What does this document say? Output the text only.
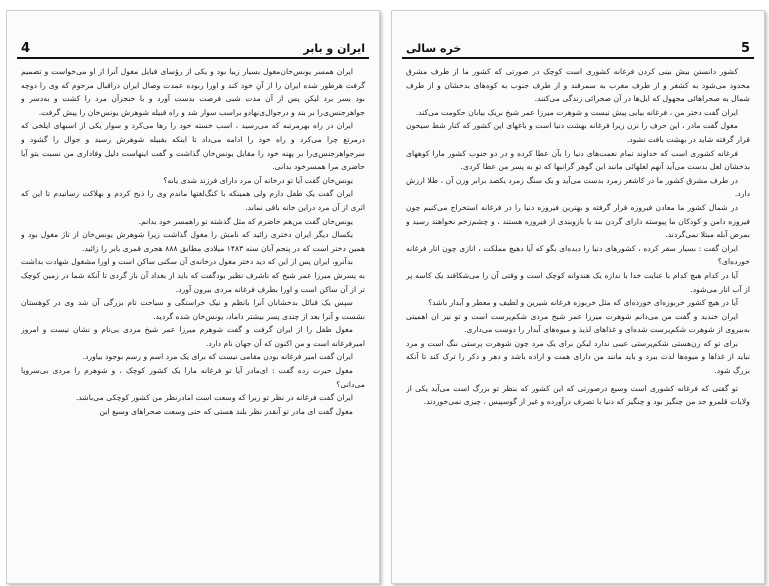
4	ایران و بابر

ایران همسر یونس‌خان‌مغول بسیار زیبا بود و یکی از رؤسای قبایل مغول آنرا از او می‌خواست و تصمیم گرفت هرطور شده ایران را از آنِ خود کند و اورا ربوده عمدت وصال ایران دراقبال مرحوم که وی را دوچه بود بسر برد لیکن پس از آن مدت شبی فرصت بدست آورد و با خنجرآن مرد را کشت و به‌دسر و جواهرجنس‌ی‌را بر بند و درجوال‌ی‌نهادو براسب سوار شد و راه قبیله شوهرش یونس‌خان را پیش گرفت.

ایران در راه بهرمرتبه که می‌رسید ، اسب خسته خود را رها می‌کرد و سوار یکی از اسبهای ایلخی که درمرتع چرا می‌کرد و راه خود را ادامه می‌داد تا اینکه بقبیله شوهرش رسید و جوال را گشود و سرجواهرجنس‌ی‌را بر پهنه خود را مقابل یونس‌خان گذاشت و گفت اینهاست دلیل وفاداری من نسبت بتو آیا حاضری مرا همسرخود بدانی.

یونس‌خان گفت آیا تو درخانه آن مرد دارای فرزند شدی یانه؟

ایران گفت یک طفل دارم ولی همینکه با کنگ‌لغتها ماندم وی را ذبح کردم و بهلاکت رسانیدم تا این که اثری از آن مرد دراین خانه باقی نماند.

یونس‌خان گفت من‌هم حاضرم که مثل گذشته تو راهمسر خود بدانم.

یکسال دیگر ایران دختری زائید که نامش را مغول گذاشت زیرا شوهرش یونس‌خان از تاژ مغول بود و همین دختر است که در پنجم آبان سنه ۱۴۸۳ میلادی مطابق ۸۸۸ هجری قمری بابر را زائید.

بدآنرو، ایران پس از این که دید دختر مغول درخانه‌ی آن سکنی ساکن است و اورا مشغول شهادت بداشت به پسرش میرزا عمر شیخ که ناشرف نظیر بودگفت که باید از بغداد آن باز گردی تا آنکه شما در زمین کوچک تر از آن ساکن است و اورا بطرف فرغانه مردی بیرون آورد.

سپس یک قبائل بدخشانان آنرا بانظم و نیک خراستگی و سیاحت تام بزرگی آن شد وی در کوهستان نشست و آنرا بعد از چندی پسر بیشتر داماد، یونس‌خان شده گردید.

مغول طفل را از ایران گرفت و گفت شوهرم میرزا عمر شیخ مردی بی‌نام و نشان نیست و امروز امیرفرغانه است و من اکنون که آن جهان نام دارد.

ایران گفت امیر فرغانه بودن مقامی نیست که برای یک مرد اسم و رسم بوجود بیاورد.

مغول حیرت زده گفت : ای‌مادر آیا تو فرغانه مارا یک کشور کوچک ، و شوهرم را مردی بی‌سروپا می‌دانی؟

ایران گفت فرغانه در نظر تو زیرا که وسعت است امادرنظر من کشور کوچکی می‌باشد.

مغول گفت ای مادر تو آنقدر نظر بلند هستی که حتی وسعت صحراهای وسیع این

خره سالی	5

کشور دانستن بیش بینی کردن فرغانه کشوری است کوچک در صورتی که کشور ما از طرف مشرق محدود می‌شود به کشغر و از طرف مغرب به سمرقند و از طرف جنوب به کوه‌های بدخشان و از طرف شمال به صحراهائی مجهول که ایل‌ها در آن صحرائی زندگی می‌کنند.

ایران گفت دختر من ، فرغانه بیایی پیش نیست و شوهرت میرزا عمر شیخ بریک بیابان حکومت می‌کند.

مغول گفت مادر ، این حرف را نزن زیرا فرغانه بهشت دنیا است و باغهای این کشور که کنار شط سیحون قرار گرفته شاید در بهشت یافت نشود.

فرغانه کشوری است که خداوند تمام نعمت‌های دنیا را بآن عطا کرده و در دو جنوب کشور مارا کوههای بدخشان لعل بدست می‌آید آنهم لعلهائی مانند این گوهر گرانبها که تو به پسر من عطا کردی.

در طرف مشرق کشور ما در کاشغر زمرد بدست می‌آید و یک سنگ زمرد یکصد برابر وزن آن ، طلا ارزش دارد.

در شمال کشور ما معادن فیروزه قرار گرفته و بهترین فیروزه دنیا را در فرغانه استخراج می‌کنیم چون فیروزه دامن و کودکان ما پیوسته دارای گردن بند یا بازوبندی از فیروزه هستند ، و چشم‌زخم نخواهند رسید و بمرض آبله مبتلا نمی‌گردند.

ایران گفت : بسیار سفر کرده ، کشورهای دنیا را دیده‌ای بگو که آیا دهیچ مملکت ، انازی چون انار فرغانه خورده‌ای؟

آیا در کدام هیچ کدام با عنایت خدا با ندازه یک هندوانه کوچک است و وقتی آن را می‌شکافند یک کاسه پر از آب انار می‌شود.

آیا در هیچ کشور خربوزه‌ای خورده‌ای که مثل خربوزه فرغانه شیرین و لطیف و معطر و آبدار باشد؟

ایران خندید و گفت من می‌دانم شوهرت میرزا عمر شیخ مردی شکم‌پرست است و تو نیز ان اهمیتی به‌بیروی از شوهرت شکم‌پرست شده‌ای و غذاهای لذیذ و میوه‌های آبدار را دوست می‌داری.

برای تو که زن‌هستی شکم‌پرستی عیبی ندارد لیکن برای یک مرد چون شوهرت پرستی ننگ است و مرد نباید از غذاها و میوه‌ها لذت ببرد و باید مانند من دارای همت و اراده باشد و دهر و دکر را ترک کند تا آنکه بزرگ شود.

تو گفتی که فرغانه کشوری است وسیع درصورتی که این کشور که بنظر تو بزرگ است می‌آید یکی از ولایات قلمرو جد من چنگیز بود و چنگیز که دنیا با تصرف درآورده و غیر از گوسپیس ، چیزی نمی‌خوردند.
